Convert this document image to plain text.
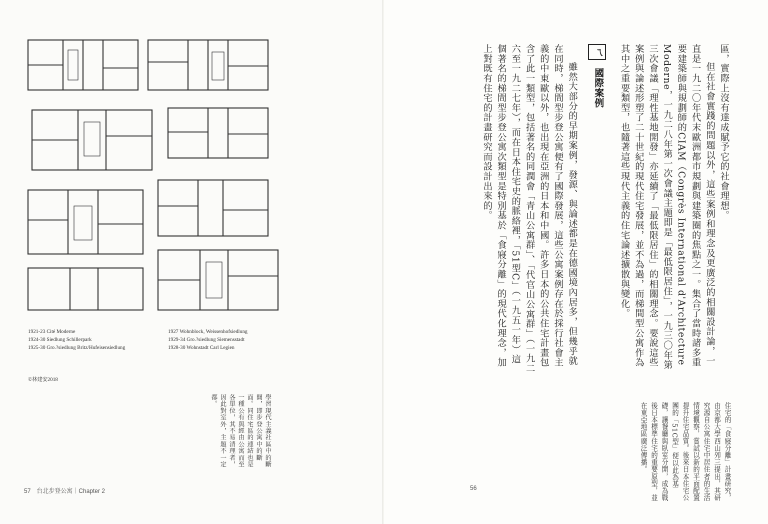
1921-23 Cité Moderne
1924-30 Siedlung Schillerpark
1925-30 Gro.?siedlung Britz/Hufeisensiedlung
1927 Wohnblock, Weissenhofsiedlung
1929-34 Gro.?siedlung Siemensstadt
1928-30 Wohnstadt Carl Legien
©林建安2018
學習現代主義社區中的斷開，即步登公寓中的斷面。同住宅區的連結也是一種公有與經由公寓而至各單位，其不易清理者，因此對室外，主題不一定都。
57　台北步登公寓｜Chapter 2

區，實際上沒有達成賦予它的社會理想。

但在社會實踐的問題以外，這些案例和理念及更廣泛的相關設計論，一直是一九二〇年代末歐洲都市規劃與建築圈的焦點之一。集合了當時諸多重要建築師與規劃師的CIAM（Congrès International d'Architecture Moderne，一九二八年第一次會議主題即是「最低限居住」，一九三〇年第三次會議「理性基地開發」亦延續了「最低限居住」的相關理念。要說這些案例與論述形塑了二十世紀的現代住宅發展，並不為過，而梯間型公寓作為其中之重要類型，也隨著這些現代主義的住宅論述擴散與變化。

ㄟ 國際案例

雖然大部分的早期案例，發源、與論述都是在德國境內居多，但幾乎就在同時，梯間型步登公寓便有了國際發展，這些公寓案例存在於採行社會主義的中東歐以外，也出現在亞洲的日本和中國。許多日本的公共住宅計畫包含了此一類型，包括著名的同潤會「青山公寓群」、「代官山公寓群」（一九二六至一九二七年），而在日本住宅史的脈絡裡，「51型C」（一九五一年）這個著名的梯間型步登公寓次類型是特別基於「食寢分離」的現代化理念，加上對既有住宅的計畫研究而設計出來的。

住宅的「食寢分離」計畫研究，由京都大學西山夘三提出，其研究源自公寓住宅中居住者的生活情境觀察，嘗試以新的平面配置提升住宅品質。後來日本住宅公團的「51C型」便以此為基礎，讓餐廳與臥室分開，成為戰後日本標準住宅的重要原型，並在東亞地區廣泛傳播。
56
